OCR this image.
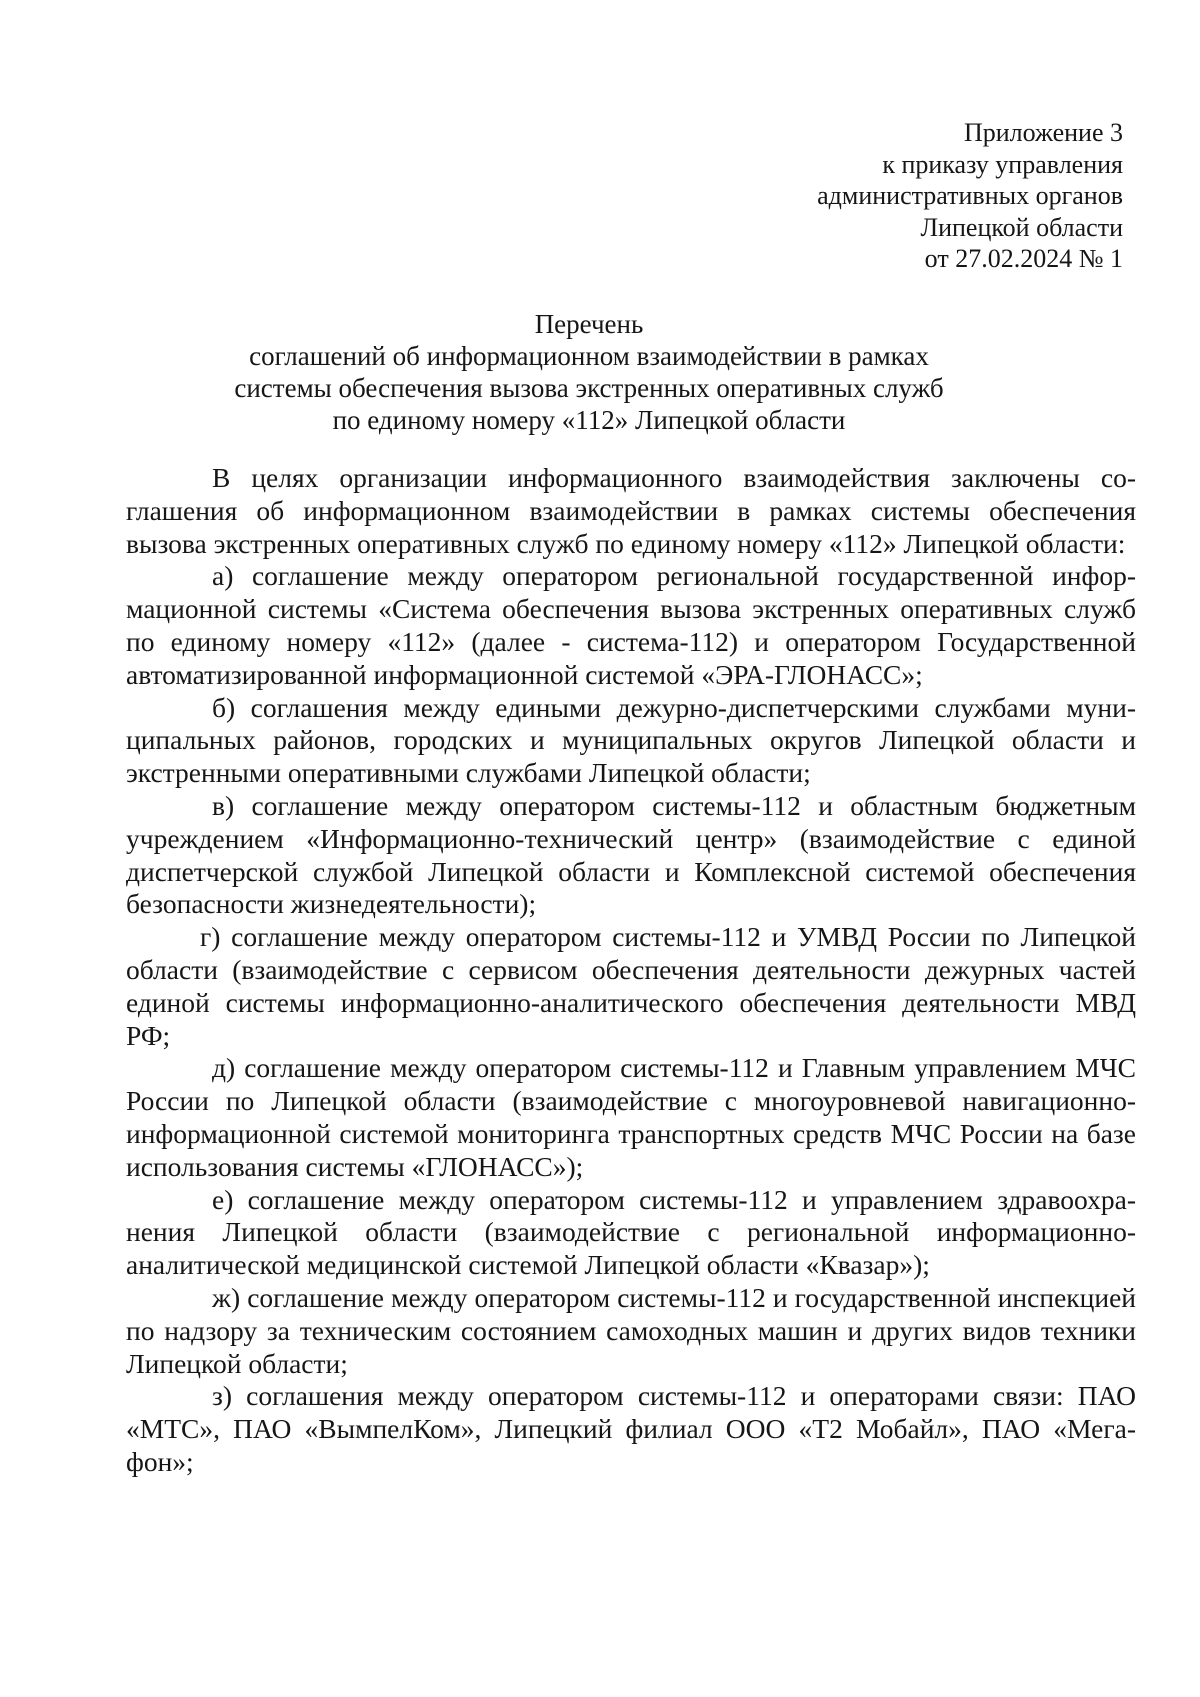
Приложение 3
к приказу управления
административных органов
Липецкой области
от 27.02.2024 № 1
Перечень
соглашений об информационном взаимодействии в рамках
системы обеспечения вызова экстренных оперативных служб
по единому номеру «112» Липецкой области

В целях организации информационного взаимодействия заключены соглашения об информационном взаимодействии в рамках системы обеспечения вызова экстренных оперативных служб по единому номеру «112» Липецкой области:

а) соглашение между оператором региональной государственной информационной системы «Система обеспечения вызова экстренных оперативных служб по единому номеру «112» (далее - система-112) и оператором Государственной автоматизированной информационной системой «ЭРА-ГЛОНАСС»;

б) соглашения между едиными дежурно-диспетчерскими службами муниципальных районов, городских и муниципальных округов Липецкой области и экстренными оперативными службами Липецкой области;

в) соглашение между оператором системы-112 и областным бюджетным учреждением «Информационно-технический центр» (взаимодействие с единой диспетчерской службой Липецкой области и Комплексной системой обеспечения безопасности жизнедеятельности);

г) соглашение между оператором системы-112 и УМВД России по Липецкой области (взаимодействие с сервисом обеспечения деятельности дежурных частей единой системы информационно-аналитического обеспечения деятельности МВД РФ;

д) соглашение между оператором системы-112 и Главным управлением МЧС России по Липецкой области (взаимодействие с многоуровневой навигационно-информационной системой мониторинга транспортных средств МЧС России на базе использования системы «ГЛОНАСС»);

е) соглашение между оператором системы-112 и управлением здравоохранения Липецкой области (взаимодействие с региональной информационно-аналитической медицинской системой Липецкой области «Квазар»);

ж) соглашение между оператором системы-112 и государственной инспекцией по надзору за техническим состоянием самоходных машин и других видов техники Липецкой области;

з) соглашения между оператором системы-112 и операторами связи: ПАО «МТС», ПАО «ВымпелКом», Липецкий филиал ООО «Т2 Мобайл», ПАО «Мегафон»;
